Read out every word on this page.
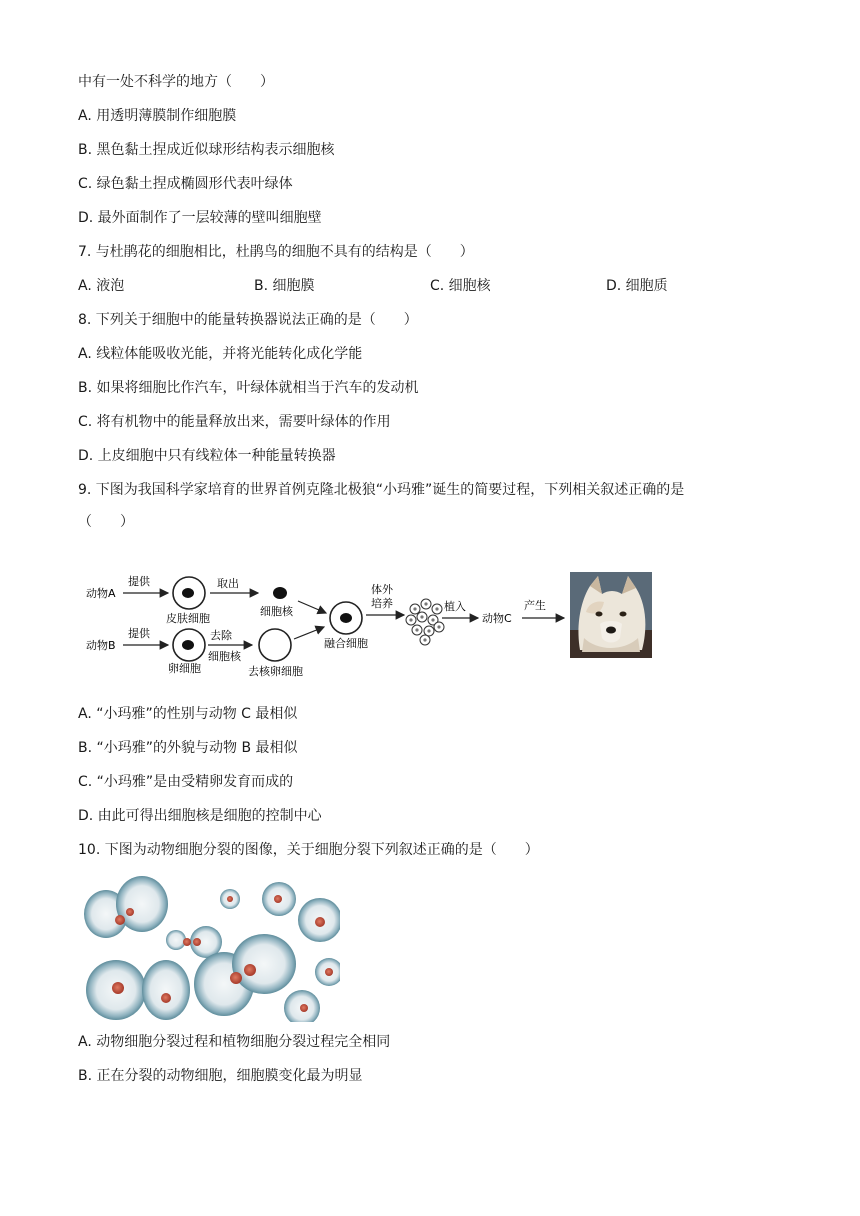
中有一处不科学的地方（　　）
A. 用透明薄膜制作细胞膜
B. 黑色黏土捏成近似球形结构表示细胞核
C. 绿色黏土捏成椭圆形代表叶绿体
D. 最外面制作了一层较薄的壁叫细胞壁
7. 与杜鹃花的细胞相比，杜鹃鸟的细胞不具有的结构是（　　）
A. 液泡	B. 细胞膜	C. 细胞核	D. 细胞质
8. 下列关于细胞中的能量转换器说法正确的是（　　）
A. 线粒体能吸收光能，并将光能转化成化学能
B. 如果将细胞比作汽车，叶绿体就相当于汽车的发动机
C. 将有机物中的能量释放出来，需要叶绿体的作用
D. 上皮细胞中只有线粒体一种能量转换器
9. 下图为我国科学家培育的世界首例克隆北极狼“小玛雅”诞生的简要过程，下列相关叙述正确的是
（　　）
动物A
提供
皮肤细胞
取出
细胞核
动物B
提供
卵细胞
去除
细胞核
去核卵细胞
融合细胞
体外
培养	植入
动物C
产生
A. “小玛雅”的性别与动物 C 最相似
B. “小玛雅”的外貌与动物 B 最相似
C. “小玛雅”是由受精卵发育而成的
D. 由此可得出细胞核是细胞的控制中心
10. 下图为动物细胞分裂的图像，关于细胞分裂下列叙述正确的是（　　）
A. 动物细胞分裂过程和植物细胞分裂过程完全相同
B. 正在分裂的动物细胞，细胞膜变化最为明显
